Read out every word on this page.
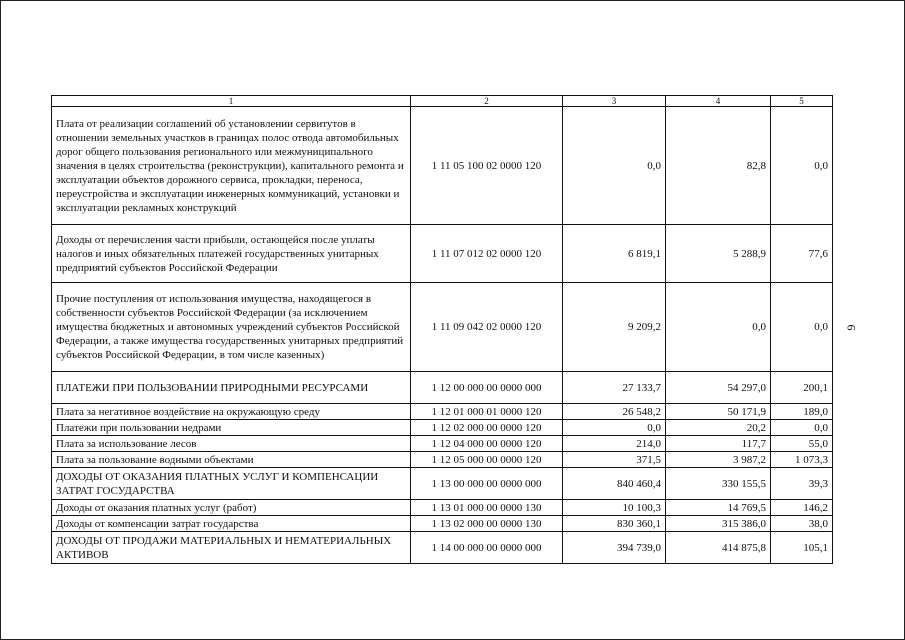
1	2	3	4	5
Плата от реализации соглашений об установлении сервитутов в отношении земельных участков в границах полос отвода автомобильных дорог общего пользования регионального или межмуниципального значения в целях строительства (реконструкции), капитального ремонта и эксплуатации объектов дорожного сервиса, прокладки, переноса, переустройства и эксплуатации инженерных коммуникаций, установки и эксплуатации рекламных конструкций	1 11 05 100 02 0000 120	0,0	82,8	0,0
Доходы от перечисления части прибыли, остающейся после уплаты налогов и иных обязательных платежей государственных унитарных предприятий субъектов Российской Федерации	1 11 07 012 02 0000 120	6 819,1	5 288,9	77,6
Прочие поступления от использования имущества, находящегося в собственности субъектов Российской Федерации (за исключением имущества бюджетных и автономных учреждений субъектов Российской Федерации, а также имущества государственных унитарных предприятий субъектов Российской Федерации, в том числе казенных)	1 11 09 042 02 0000 120	9 209,2	0,0	0,0
ПЛАТЕЖИ ПРИ ПОЛЬЗОВАНИИ ПРИРОДНЫМИ РЕСУРСАМИ	1 12 00 000 00 0000 000	27 133,7	54 297,0	200,1
Плата за негативное воздействие на окружающую среду	1 12 01 000 01 0000 120	26 548,2	50 171,9	189,0
Платежи при пользовании недрами	1 12 02 000 00 0000 120	0,0	20,2	0,0
Плата за использование лесов	1 12 04 000 00 0000 120	214,0	117,7	55,0
Плата за пользование водными объектами	1 12 05 000 00 0000 120	371,5	3 987,2	1 073,3
ДОХОДЫ ОТ ОКАЗАНИЯ ПЛАТНЫХ УСЛУГ И КОМПЕНСАЦИИ ЗАТРАТ ГОСУДАРСТВА	1 13 00 000 00 0000 000	840 460,4	330 155,5	39,3
Доходы от оказания платных услуг (работ)	1 13 01 000 00 0000 130	10 100,3	14 769,5	146,2
Доходы от компенсации затрат государства	1 13 02 000 00 0000 130	830 360,1	315 386,0	38,0
ДОХОДЫ ОТ ПРОДАЖИ МАТЕРИАЛЬНЫХ И НЕМАТЕРИАЛЬНЫХ АКТИВОВ	1 14 00 000 00 0000 000	394 739,0	414 875,8	105,1
6
